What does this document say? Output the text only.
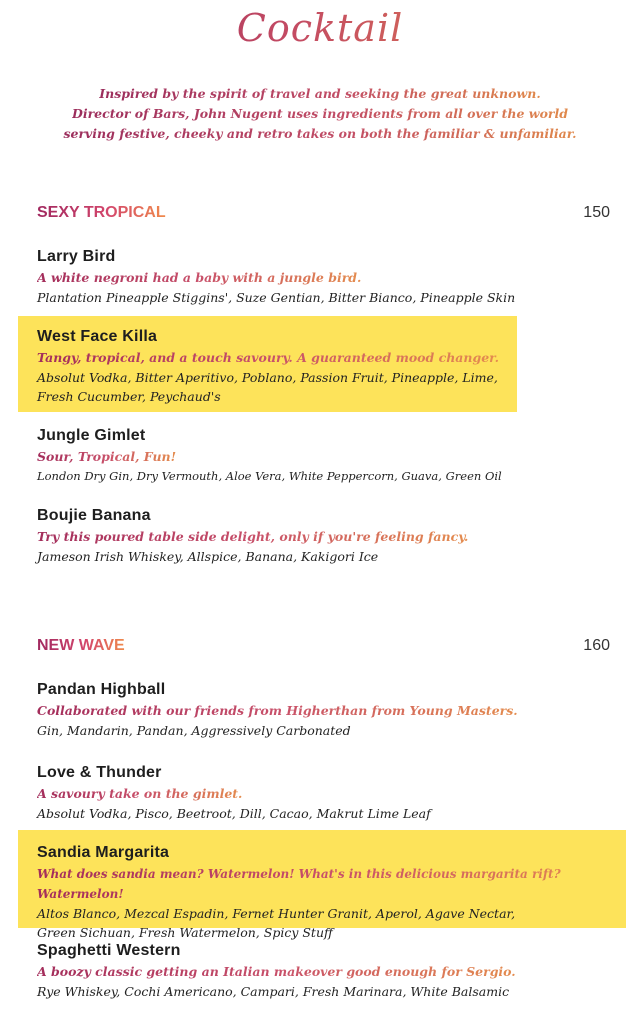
Cocktail
Inspired by the spirit of travel and seeking the great unknown.
Director of Bars, John Nugent uses ingredients from all over the world
serving festive, cheeky and retro takes on both the familiar & unfamiliar.
SEXY TROPICAL	150
Larry Bird
A white negroni had a baby with a jungle bird.
Plantation Pineapple Stiggins', Suze Gentian, Bitter Bianco, Pineapple Skin
West Face Killa
Tangy, tropical, and a touch savoury. A guaranteed mood changer.
Absolut Vodka, Bitter Aperitivo, Poblano, Passion Fruit, Pineapple, Lime,
Fresh Cucumber, Peychaud's
Jungle Gimlet
Sour, Tropical, Fun!
London Dry Gin, Dry Vermouth, Aloe Vera, White Peppercorn, Guava, Green Oil
Boujie Banana
Try this poured table side delight, only if you're feeling fancy.
Jameson Irish Whiskey, Allspice, Banana, Kakigori Ice
NEW WAVE	160
Pandan Highball
Collaborated with our friends from Higherthan from Young Masters.
Gin, Mandarin, Pandan, Aggressively Carbonated
Love & Thunder
A savoury take on the gimlet.
Absolut Vodka, Pisco, Beetroot, Dill, Cacao, Makrut Lime Leaf
Sandia Margarita
What does sandia mean? Watermelon! What's in this delicious margarita rift? Watermelon!
Altos Blanco, Mezcal Espadin, Fernet Hunter Granit, Aperol, Agave Nectar,
Green Sichuan, Fresh Watermelon, Spicy Stuff
Spaghetti Western
A boozy classic getting an Italian makeover good enough for Sergio.
Rye Whiskey, Cochi Americano, Campari, Fresh Marinara, White Balsamic
